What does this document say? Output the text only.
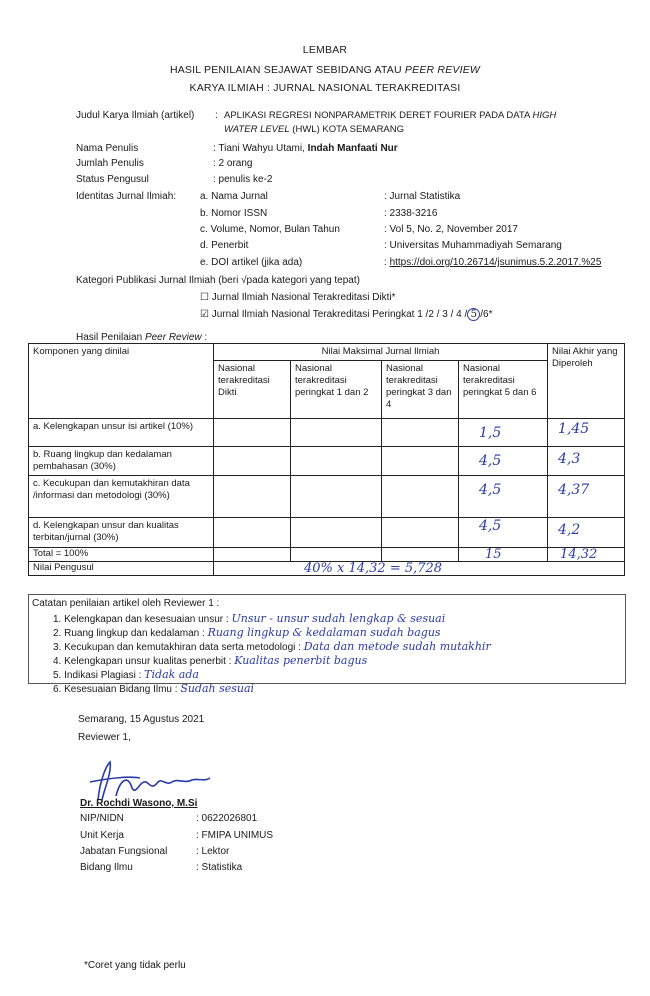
LEMBAR
HASIL PENILAIAN SEJAWAT SEBIDANG ATAU PEER REVIEW
KARYA ILMIAH : JURNAL NASIONAL TERAKREDITASI
Judul Karya Ilmiah (artikel) : APLIKASI REGRESI NONPARAMETRIK DERET FOURIER PADA DATA HIGH
WATER LEVEL (HWL) KOTA SEMARANG
Nama Penulis	: Tiani Wahyu Utami, Indah Manfaati Nur
Jumlah Penulis	: 2 orang
Status Pengusul	: penulis ke-2
Identitas Jurnal Ilmiah: a. Nama Jurnal	: Jurnal Statistika
b. Nomor ISSN	: 2338-3216
c. Volume, Nomor, Bulan Tahun	: Vol 5, No. 2, November 2017
d. Penerbit	: Universitas Muhammadiyah Semarang
e. DOI artikel (jika ada)	: https://doi.org/10.26714/jsunimus.5.2.2017.%25
Kategori Publikasi Jurnal Ilmiah (beri √pada kategori yang tepat)
☐ Jurnal Ilmiah Nasional Terakreditasi Dikti*
☑ Jurnal Ilmiah Nasional Terakreditasi Peringkat 1 /2 / 3 / 4 / 5 /6*
Hasil Penilaian Peer Review :
Komponen yang dinilai	Nilai Maksimal Jurnal Ilmiah				Nilai Akhir yang Diperoleh
	Nasional terakreditasi Dikti	Nasional terakreditasi peringkat 1 dan 2	Nasional terakreditasi peringkat 3 dan 4	Nasional terakreditasi peringkat 5 dan 6	
a. Kelengkapan unsur isi artikel (10%)				1,5	1,45
b. Ruang lingkup dan kedalaman pembahasan (30%)				4,5	4,3
c. Kecukupan dan kemutakhiran data /informasi dan metodologi (30%)				4,5	4,37
d. Kelengkapan unsur dan kualitas terbitan/jurnal (30%)				4,5	4,2
Total = 100%				15	14,32
Nilai Pengusul	40% x 14,32 = 5,728				
Catatan penilaian artikel oleh Reviewer 1 :
1. Kelengkapan dan kesesuaian unsur : Unsur - unsur sudah lengkap & sesuai
2. Ruang lingkup dan kedalaman : Ruang lingkup & kedalaman sudah bagus
3. Kecukupan dan kemutakhiran data serta metodologi : Data dan metode sudah mutakhir
4. Kelengkapan unsur kualitas penerbit : Kualitas penerbit bagus
5. Indikasi Plagiasi : Tidak ada
6. Kesesuaian Bidang Ilmu : Sudah sesuai
Semarang, 15 Agustus 2021
Reviewer 1,
Dr. Rochdi Wasono, M.Si
NIP/NIDN	: 0622026801
Unit Kerja	: FMIPA UNIMUS
Jabatan Fungsional	: Lektor
Bidang Ilmu	: Statistika
*Coret yang tidak perlu
